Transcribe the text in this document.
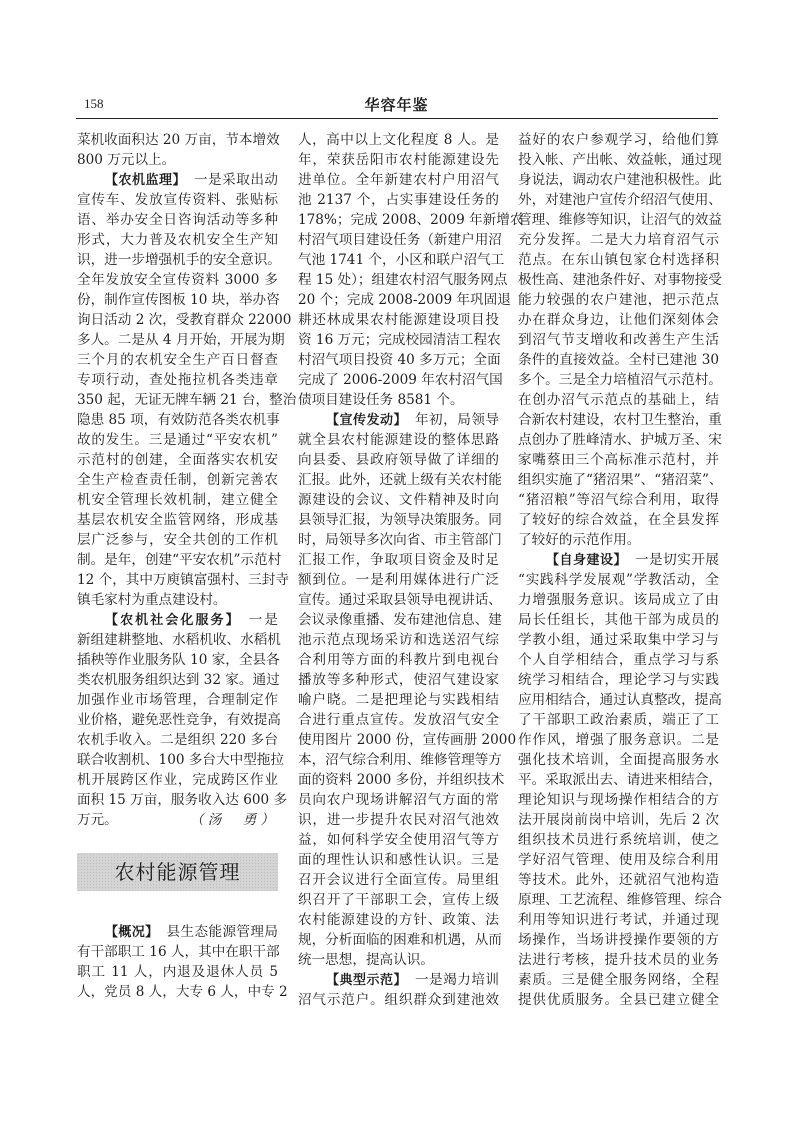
158	华容年鉴
菜机收面积达 20 万亩，节本增效
800 万元以上。
【农机监理】 一是采取出动
宣传车、发放宣传资料、张贴标
语、举办安全日咨询活动等多种
形式，大力普及农机安全生产知
识，进一步增强机手的安全意识。
全年发放安全宣传资料 3000 多
份，制作宣传图板 10 块，举办咨
询日活动 2 次，受教育群众 22000
多人。二是从 4 月开始，开展为期
三个月的农机安全生产百日督查
专项行动，查处拖拉机各类违章
350 起，无证无牌车辆 21 台，整治
隐患 85 项，有效防范各类农机事
故的发生。三是通过“平安农机”
示范村的创建，全面落实农机安
全生产检查责任制，创新完善农
机安全管理长效机制，建立健全
基层农机安全监管网络，形成基
层广泛参与，安全共创的工作机
制。是年，创建“平安农机”示范村
12 个，其中万庾镇富强村、三封寺
镇毛家村为重点建设村。
【农机社会化服务】 一是
新组建耕整地、水稻机收、水稻机
插秧等作业服务队 10 家，全县各
类农机服务组织达到 32 家。通过
加强作业市场管理，合理制定作
业价格，避免恶性竞争，有效提高
农机手收入。二是组织 220 多台
联合收割机、100 多台大中型拖拉
机开展跨区作业，完成跨区作业
面积 15 万亩，服务收入达 600 多
（汤　勇）
万元。
农村能源管理
【概况】 县生态能源管理局
有干部职工 16 人，其中在职干部
职工 11 人，内退及退休人员 5
人，党员 8 人，大专 6 人，中专 2
人，高中以上文化程度 8 人。是
年，荣获岳阳市农村能源建设先
进单位。全年新建农村户用沼气
池 2137 个，占实事建设任务的
178%；完成 2008、2009 年新增农
村沼气项目建设任务（新建户用沼
气池 1741 个，小区和联户沼气工
程 15 处）；组建农村沼气服务网点
20 个；完成 2008-2009 年巩固退
耕还林成果农村能源建设项目投
资 16 万元；完成校园清洁工程农
村沼气项目投资 40 多万元；全面
完成了 2006-2009 年农村沼气国
债项目建设任务 8581 个。
【宣传发动】 年初，局领导
就全县农村能源建设的整体思路
向县委、县政府领导做了详细的
汇报。此外，还就上级有关农村能
源建设的会议、文件精神及时向
县领导汇报，为领导决策服务。同
时，局领导多次向省、市主管部门
汇报工作，争取项目资金及时足
额到位。一是利用媒体进行广泛
宣传。通过采取县领导电视讲话、
会议录像重播、发布建池信息、建
池示范点现场采访和选送沼气综
合利用等方面的科教片到电视台
播放等多种形式，使沼气建设家
喻户晓。二是把理论与实践相结
合进行重点宣传。发放沼气安全
使用图片 2000 份，宣传画册 2000
本，沼气综合利用、维修管理等方
面的资料 2000 多份，并组织技术
员向农户现场讲解沼气方面的常
识，进一步提升农民对沼气池效
益，如何科学安全使用沼气等方
面的理性认识和感性认识。三是
召开会议进行全面宣传。局里组
织召开了干部职工会，宣传上级
农村能源建设的方针、政策、法
规，分析面临的困难和机遇，从而
统一思想，提高认识。
【典型示范】 一是竭力培训
沼气示范户。组织群众到建池效
益好的农户参观学习，给他们算
投入帐、产出帐、效益帐，通过现
身说法，调动农户建池积极性。此
外，对建池户宣传介绍沼气使用、
管理、维修等知识，让沼气的效益
充分发挥。二是大力培育沼气示
范点。在东山镇包家仓村选择积
极性高、建池条件好、对事物接受
能力较强的农户建池，把示范点
办在群众身边，让他们深刻体会
到沼气节支增收和改善生产生活
条件的直接效益。全村已建池 30
多个。三是全力培植沼气示范村。
在创办沼气示范点的基础上，结
合新农村建设，农村卫生整治，重
点创办了胜峰清水、护城万圣、宋
家嘴蔡田三个高标准示范村，并
组织实施了“猪沼果”、“猪沼菜”、
“猪沼粮”等沼气综合利用，取得
了较好的综合效益，在全县发挥
了较好的示范作用。
【自身建设】 一是切实开展
“实践科学发展观”学教活动，全
力增强服务意识。该局成立了由
局长任组长，其他干部为成员的
学教小组，通过采取集中学习与
个人自学相结合，重点学习与系
统学习相结合，理论学习与实践
应用相结合，通过认真整改，提高
了干部职工政治素质，端正了工
作作风，增强了服务意识。二是
强化技术培训，全面提高服务水
平。采取派出去、请进来相结合，
理论知识与现场操作相结合的方
法开展岗前岗中培训，先后 2 次
组织技术员进行系统培训，使之
学好沼气管理、使用及综合利用
等技术。此外，还就沼气池构造
原理、工艺流程、维修管理、综合
利用等知识进行考试，并通过现
场操作，当场讲授操作要领的方
法进行考核，提升技术员的业务
素质。三是健全服务网络，全程
提供优质服务。全县已建立健全
